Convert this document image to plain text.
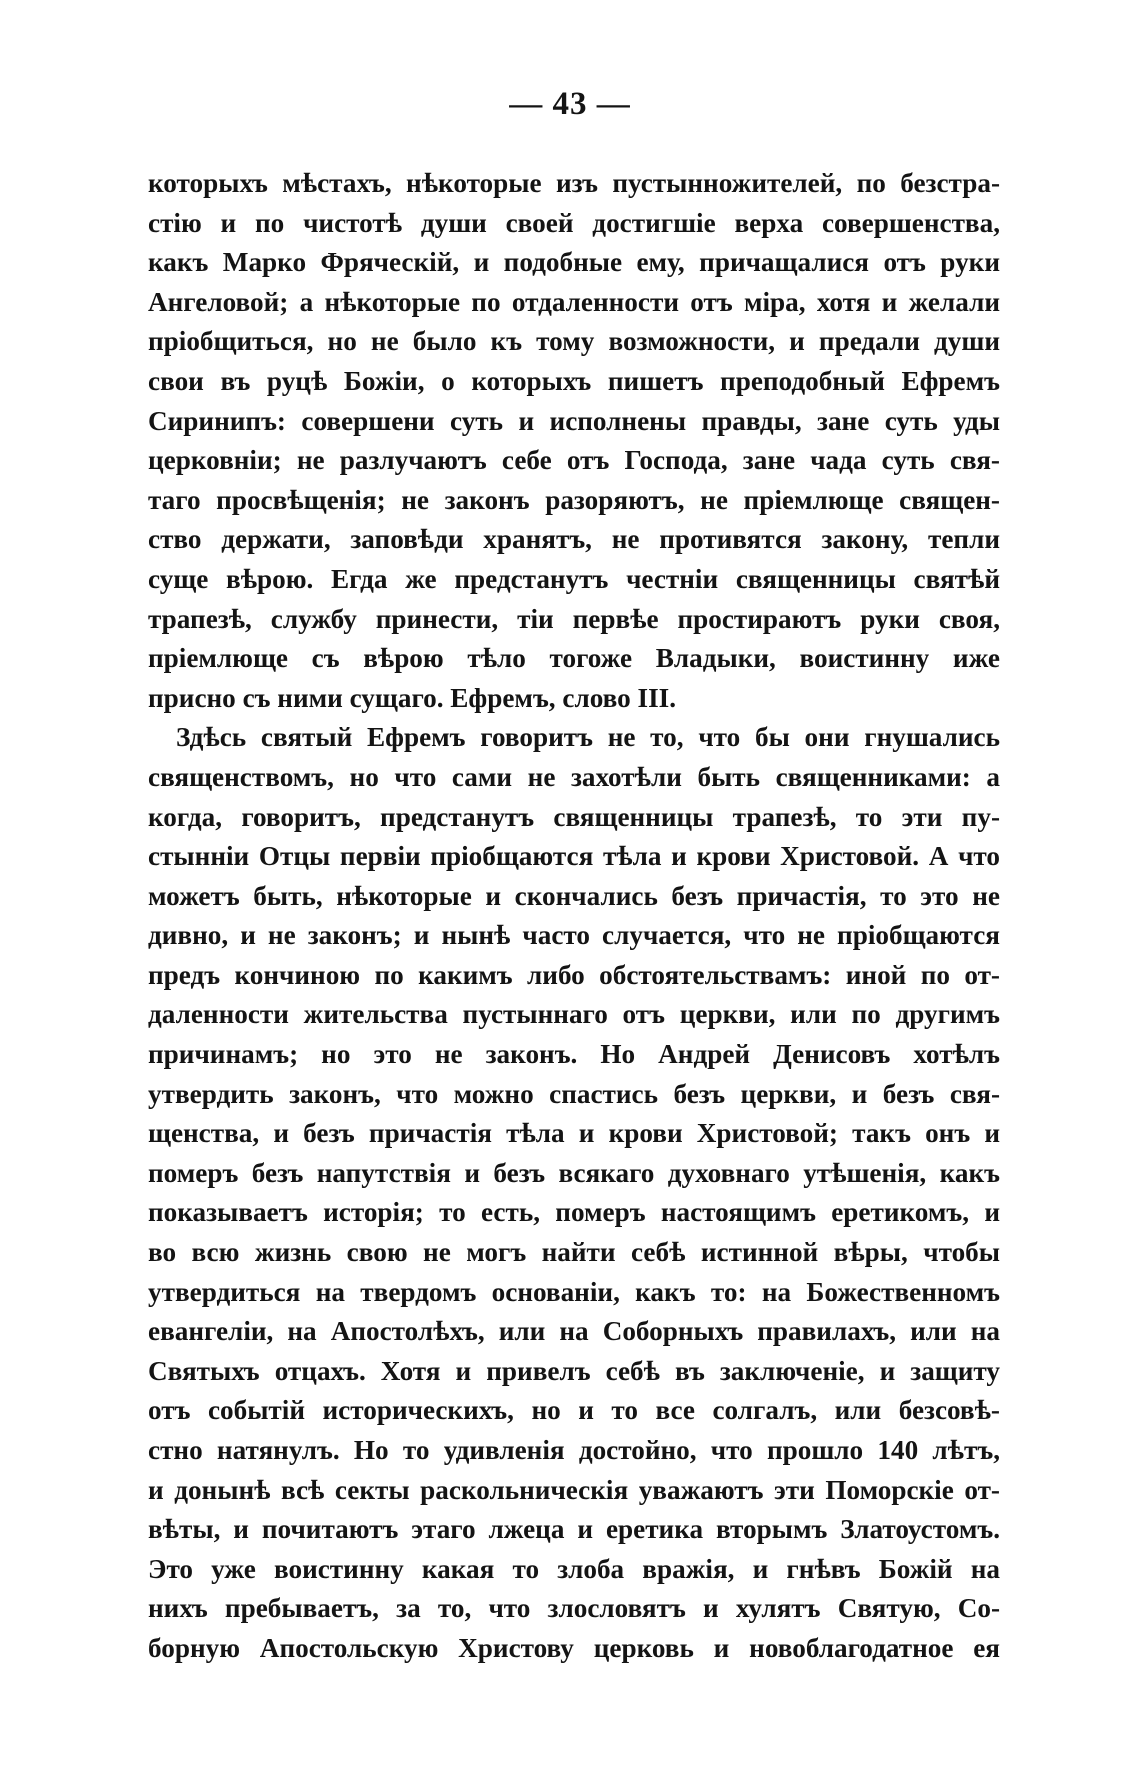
— 43 —
которыхъ мѣстахъ, нѣкоторые изъ пустынножителей, по безстра-
стію и по чистотѣ души своей достигшіе верха совершенства,
какъ Марко Фряческій, и подобные ему, причащалися отъ руки
Ангеловой; а нѣкоторые по отдаленности отъ міра, хотя и желали
пріобщиться, но не было къ тому возможности, и предали души
свои въ руцѣ Божіи, о которыхъ пишетъ преподобный Ефремъ
Сиринипъ: совершени суть и исполнены правды, зане суть уды
церковніи; не разлучаютъ себе отъ Господа, зане чада суть свя-
таго просвѣщенія; не законъ разоряютъ, не пріемлюще священ-
ство держати, заповѣди хранятъ, не противятся закону, тепли
суще вѣрою. Егда же предстанутъ честніи священницы святѣй
трапезѣ, службу принести, тіи первѣе простираютъ руки своя,
пріемлюще съ вѣрою тѣло тогоже Владыки, воистинну иже
присно съ ними сущаго. Ефремъ, слово III.
Здѣсь святый Ефремъ говоритъ не то, что бы они гнушались
священствомъ, но что сами не захотѣли быть священниками: а
когда, говоритъ, предстанутъ священницы трапезѣ, то эти пу-
стынніи Отцы первіи пріобщаются тѣла и крови Христовой. А что
можетъ быть, нѣкоторые и скончались безъ причастія, то это не
дивно, и не законъ; и нынѣ часто случается, что не пріобщаются
предъ кончиною по какимъ либо обстоятельствамъ: иной по от-
даленности жительства пустыннаго отъ церкви, или по другимъ
причинамъ; но это не законъ. Но Андрей Денисовъ хотѣлъ
утвердить законъ, что можно спастись безъ церкви, и безъ свя-
щенства, и безъ причастія тѣла и крови Христовой; такъ онъ и
померъ безъ напутствія и безъ всякаго духовнаго утѣшенія, какъ
показываетъ исторія; то есть, померъ настоящимъ еретикомъ, и
во всю жизнь свою не могъ найти себѣ истинной вѣры, чтобы
утвердиться на твердомъ основаніи, какъ то: на Божественномъ
евангеліи, на Апостолѣхъ, или на Соборныхъ правилахъ, или на
Святыхъ отцахъ. Хотя и привелъ себѣ въ заключеніе, и защиту
отъ событій историческихъ, но и то все солгалъ, или безсовѣ-
стно натянулъ. Но то удивленія достойно, что прошло 140 лѣтъ,
и донынѣ всѣ секты раскольническія уважаютъ эти Поморскіе от-
вѣты, и почитаютъ этаго лжеца и еретика вторымъ Златоустомъ.
Это уже воистинну какая то злоба вражія, и гнѣвъ Божій на
нихъ пребываетъ, за то, что злословятъ и хулятъ Святую, Со-
борную Апостольскую Христову церковь и новоблагодатное ея
